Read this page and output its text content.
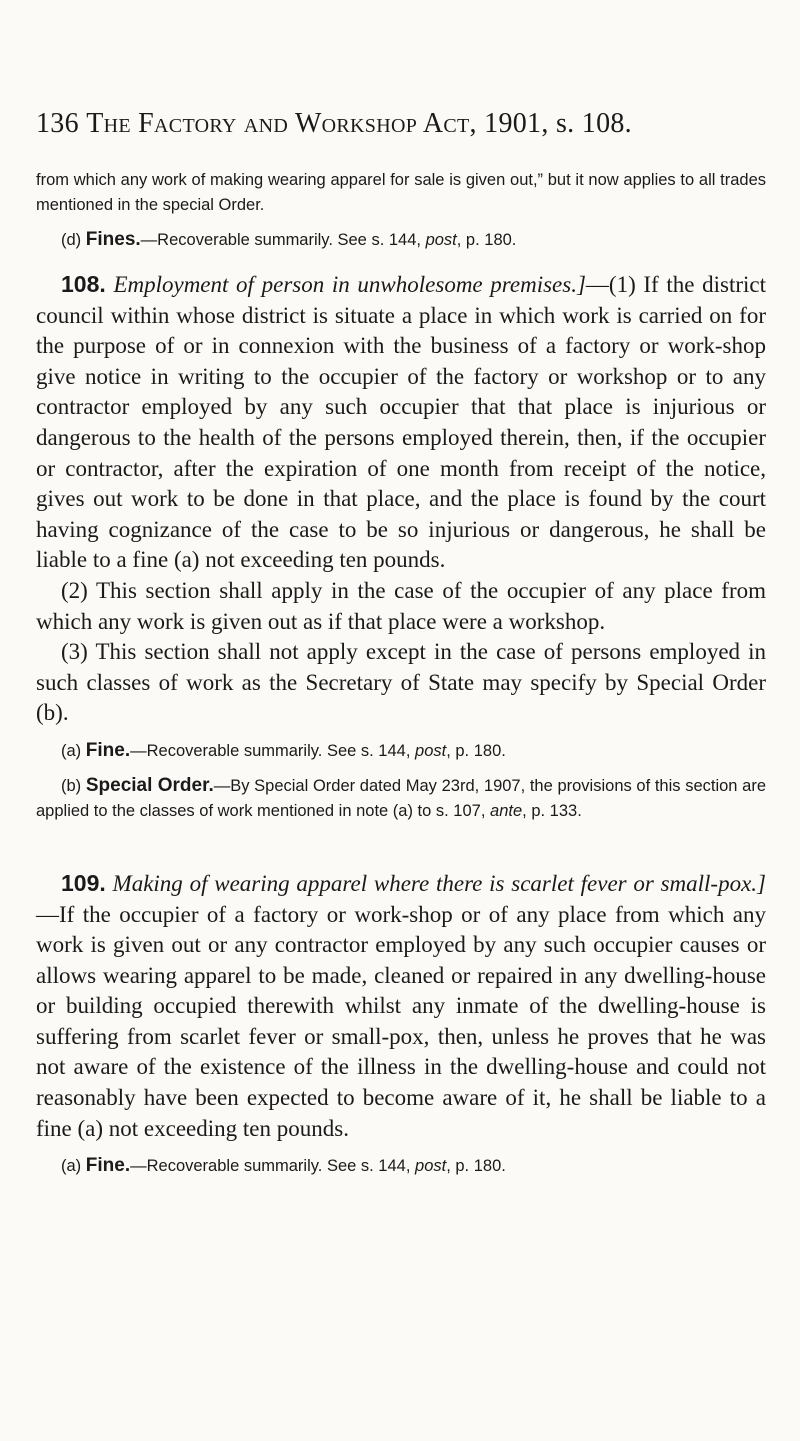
136 The Factory and Workshop Act, 1901, s. 108.

from which any work of making wearing apparel for sale is given out,” but it now applies to all trades mentioned in the special Order.

(d) Fines.—Recoverable summarily. See s. 144, post, p. 180.

108. Employment of person in unwholesome premises.]—(1) If the district council within whose district is situate a place in which work is carried on for the purpose of or in connexion with the business of a factory or work-shop give notice in writing to the occupier of the factory or workshop or to any contractor employed by any such occupier that that place is injurious or dangerous to the health of the persons employed therein, then, if the occupier or contractor, after the expiration of one month from receipt of the notice, gives out work to be done in that place, and the place is found by the court having cognizance of the case to be so injurious or dangerous, he shall be liable to a fine (a) not exceeding ten pounds.

(2) This section shall apply in the case of the occupier of any place from which any work is given out as if that place were a workshop.

(3) This section shall not apply except in the case of persons employed in such classes of work as the Secretary of State may specify by Special Order (b).

(a) Fine.—Recoverable summarily. See s. 144, post, p. 180.

(b) Special Order.—By Special Order dated May 23rd, 1907, the provisions of this section are applied to the classes of work mentioned in note (a) to s. 107, ante, p. 133.

109. Making of wearing apparel where there is scarlet fever or small-pox.]—If the occupier of a factory or work-shop or of any place from which any work is given out or any contractor employed by any such occupier causes or allows wearing apparel to be made, cleaned or repaired in any dwelling-house or building occupied therewith whilst any inmate of the dwelling-house is suffering from scarlet fever or small-pox, then, unless he proves that he was not aware of the existence of the illness in the dwelling-house and could not reasonably have been expected to become aware of it, he shall be liable to a fine (a) not exceeding ten pounds.

(a) Fine.—Recoverable summarily. See s. 144, post, p. 180.
